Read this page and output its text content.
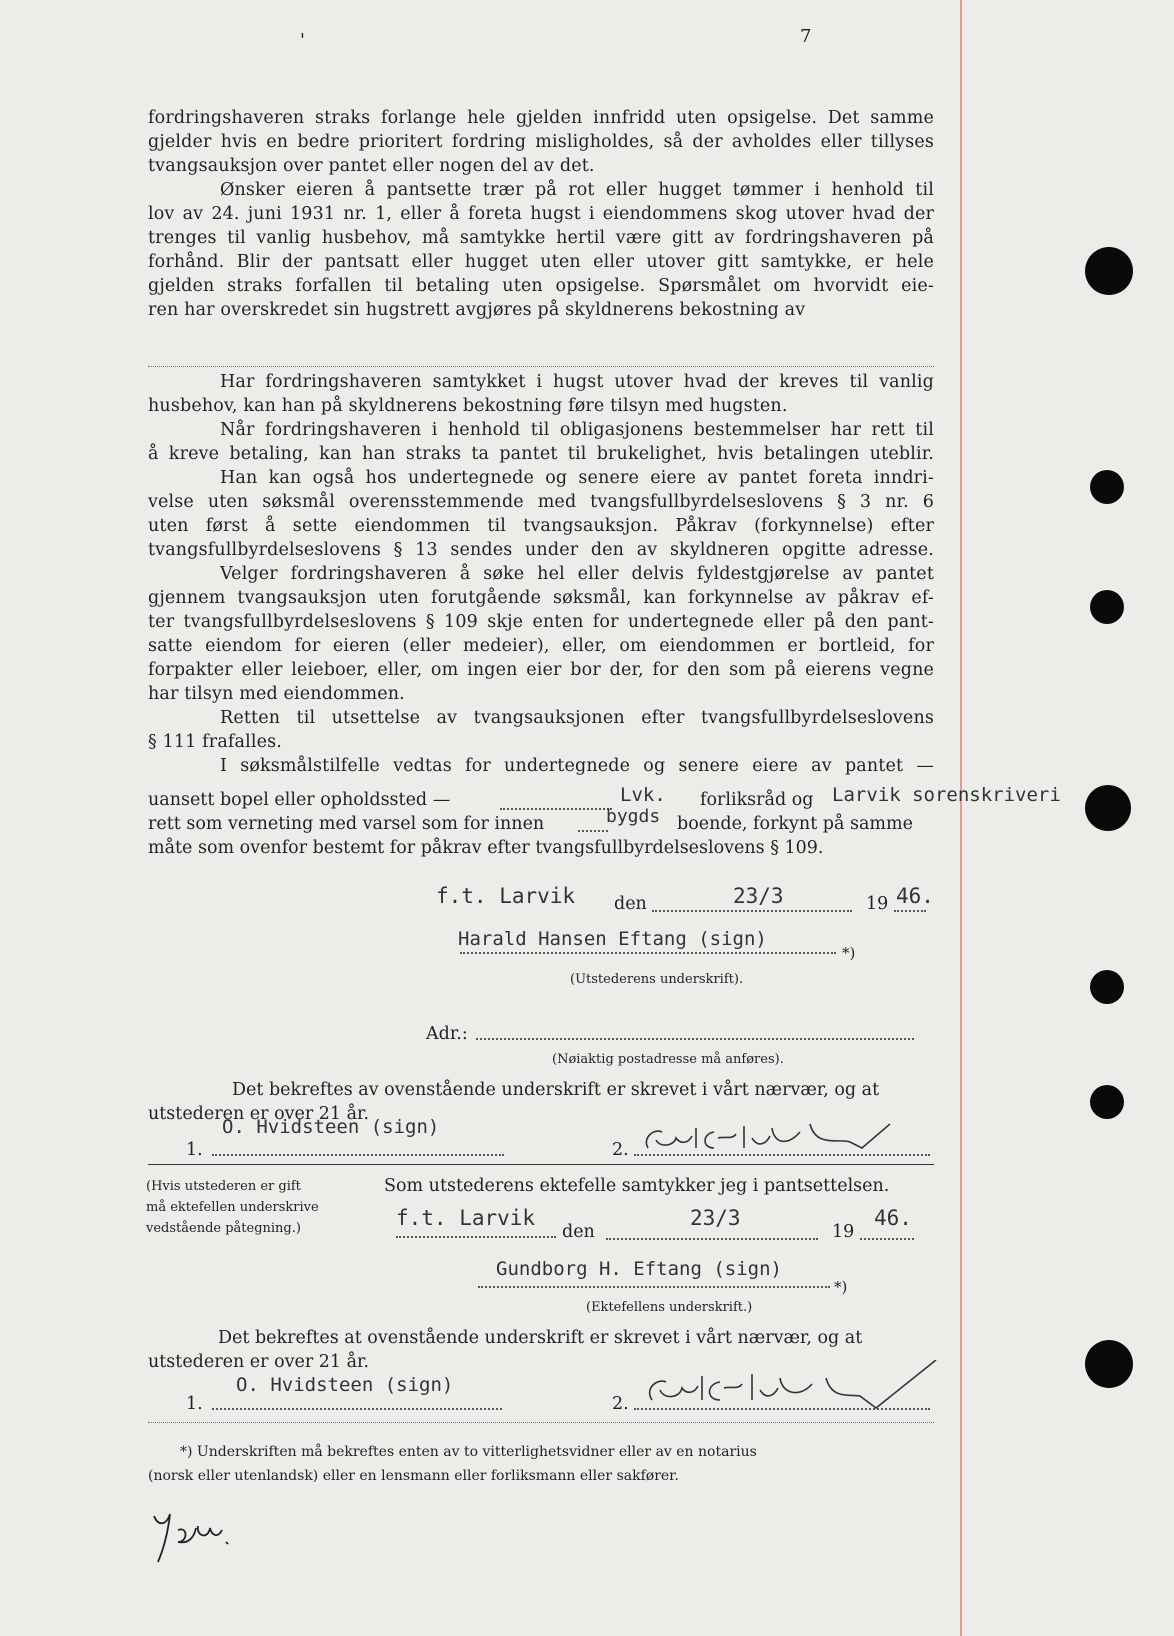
'	7
fordringshaveren straks forlange hele gjelden innfridd uten opsigelse. Det samme
gjelder hvis en bedre prioritert fordring misligholdes, så der avholdes eller tillyses
tvangsauksjon over pantet eller nogen del av det.
Ønsker eieren å pantsette trær på rot eller hugget tømmer i henhold til
lov av 24. juni 1931 nr. 1, eller å foreta hugst i eiendommens skog utover hvad der
trenges til vanlig husbehov, må samtykke hertil være gitt av fordringshaveren på
forhånd. Blir der pantsatt eller hugget uten eller utover gitt samtykke, er hele
gjelden straks forfallen til betaling uten opsigelse. Spørsmålet om hvorvidt eie-
ren har overskredet sin hugstrett avgjøres på skyldnerens bekostning av
Har fordringshaveren samtykket i hugst utover hvad der kreves til vanlig
husbehov, kan han på skyldnerens bekostning føre tilsyn med hugsten.
Når fordringshaveren i henhold til obligasjonens bestemmelser har rett til
å kreve betaling, kan han straks ta pantet til brukelighet, hvis betalingen uteblir.
Han kan også hos undertegnede og senere eiere av pantet foreta inndri-
velse uten søksmål overensstemmende med tvangsfullbyrdelseslovens § 3 nr. 6
uten først å sette eiendommen til tvangsauksjon. Påkrav (forkynnelse) efter
tvangsfullbyrdelseslovens § 13 sendes under den av skyldneren opgitte adresse.
Velger fordringshaveren å søke hel eller delvis fyldestgjørelse av pantet
gjennem tvangsauksjon uten forutgående søksmål, kan forkynnelse av påkrav ef-
ter tvangsfullbyrdelseslovens § 109 skje enten for undertegnede eller på den pant-
satte eiendom for eieren (eller medeier), eller, om eiendommen er bortleid, for
forpakter eller leieboer, eller, om ingen eier bor der, for den som på eierens vegne
har tilsyn med eiendommen.
Retten til utsettelse av tvangsauksjonen efter tvangsfullbyrdelseslovens
§ 111 frafalles.
I søksmålstilfelle vedtas for undertegnede og senere eiere av pantet —
uansett bopel eller opholdssted —	Lvk. forliksråd og Larvik sorenskriveri
rett som verneting med varsel som for innen	bygds boende, forkynt på samme
måte som ovenfor bestemt for påkrav efter tvangsfullbyrdelseslovens § 109.
f.t. Larvik den	23/3	19 46.
Harald Hansen Eftang (sign)
*)
(Utstederens underskrift).
Adr.:
(Nøiaktig postadresse må anføres).
Det bekreftes av ovenstående underskrift er skrevet i vårt nærvær, og at
utstederen er over 21 år.
O. Hvidsteen (sign)
1.	2.
(Hvis utstederen er gift
må ektefellen underskrive
vedstående påtegning.)
Som utstederens ektefelle samtykker jeg i pantsettelsen.
f.t. Larvik
den
23/3
19
46.
Gundborg H. Eftang (sign)
*)
(Ektefellens underskrift.)
Det bekreftes at ovenstående underskrift er skrevet i vårt nærvær, og at
utstederen er over 21 år.
O. Hvidsteen (sign)
1.	2.
*) Underskriften må bekreftes enten av to vitterlighetsvidner eller av en notarius
(norsk eller utenlandsk) eller en lensmann eller forliksmann eller sakfører.
